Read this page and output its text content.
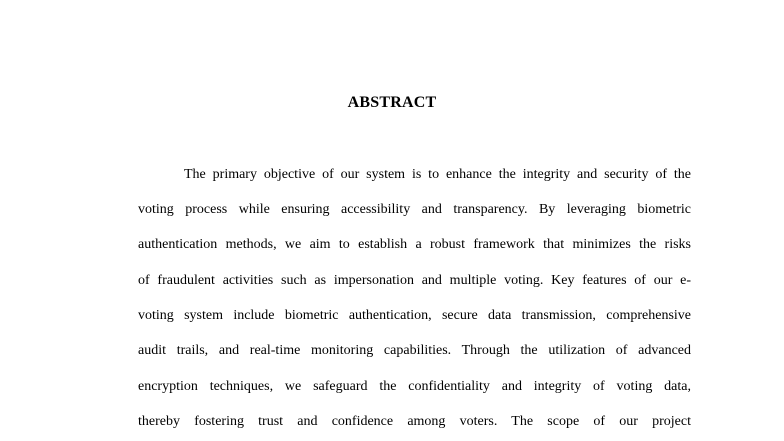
ABSTRACT
The primary objective of our system is to enhance the integrity and security of the
voting process while ensuring accessibility and transparency. By leveraging biometric
authentication methods, we aim to establish a robust framework that minimizes the risks
of fraudulent activities such as impersonation and multiple voting. Key features of our e-
voting system include biometric authentication, secure data transmission, comprehensive
audit trails, and real-time monitoring capabilities. Through the utilization of advanced
encryption techniques, we safeguard the confidentiality and integrity of voting data,
thereby fostering trust and confidence among voters. The scope of our project
